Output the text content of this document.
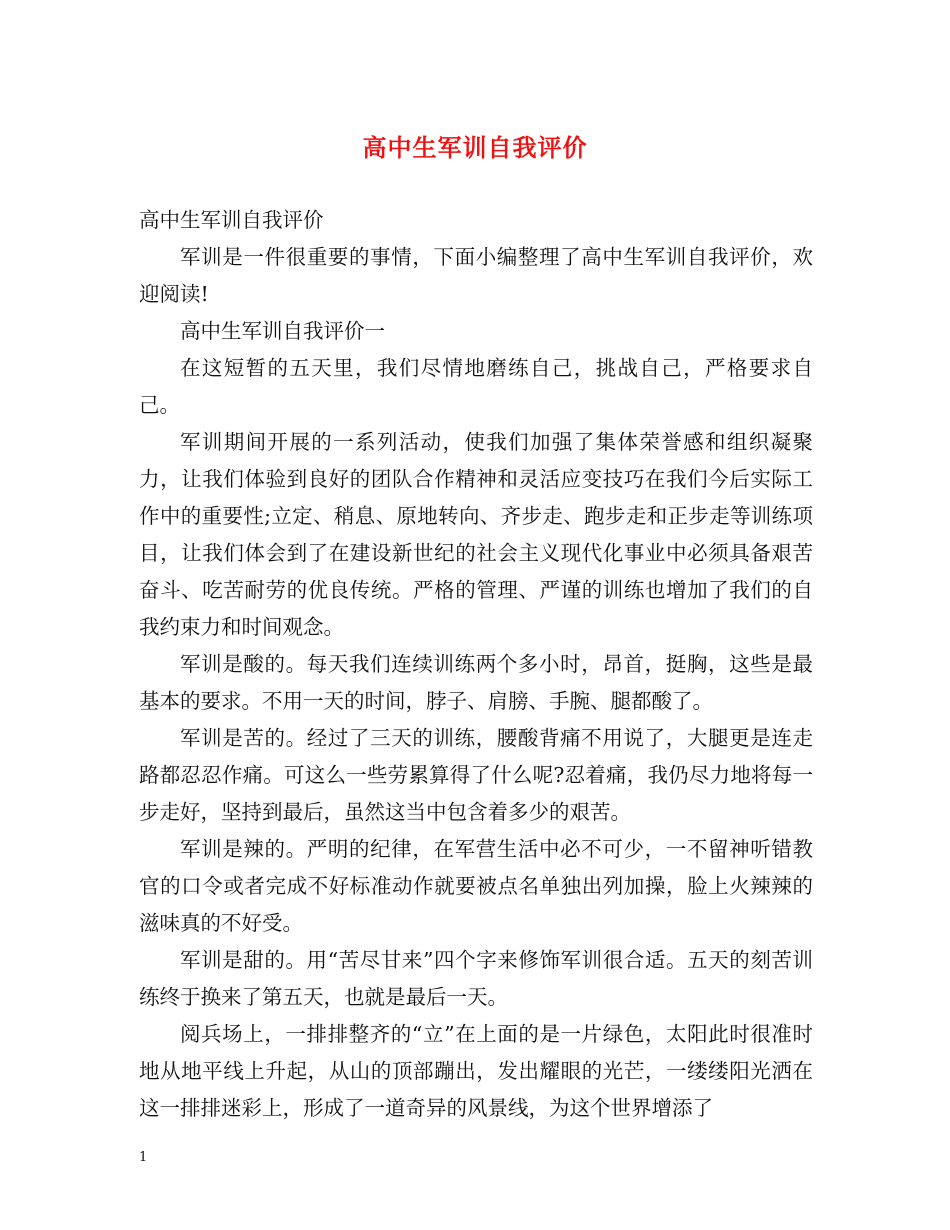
高中生军训自我评价

高中生军训自我评价

军训是一件很重要的事情，下面小编整理了高中生军训自我评价，欢迎阅读!

高中生军训自我评价一

在这短暂的五天里，我们尽情地磨练自己，挑战自己，严格要求自己。

军训期间开展的一系列活动，使我们加强了集体荣誉感和组织凝聚力，让我们体验到良好的团队合作精神和灵活应变技巧在我们今后实际工作中的重要性;立定、稍息、原地转向、齐步走、跑步走和正步走等训练项目，让我们体会到了在建设新世纪的社会主义现代化事业中必须具备艰苦奋斗、吃苦耐劳的优良传统。严格的管理、严谨的训练也增加了我们的自我约束力和时间观念。

军训是酸的。每天我们连续训练两个多小时，昂首，挺胸，这些是最基本的要求。不用一天的时间，脖子、肩膀、手腕、腿都酸了。

军训是苦的。经过了三天的训练，腰酸背痛不用说了，大腿更是连走路都忍忍作痛。可这么一些劳累算得了什么呢?忍着痛，我仍尽力地将每一步走好，坚持到最后，虽然这当中包含着多少的艰苦。

军训是辣的。严明的纪律，在军营生活中必不可少，一不留神听错教官的口令或者完成不好标准动作就要被点名单独出列加操，脸上火辣辣的滋味真的不好受。

军训是甜的。用“苦尽甘来”四个字来修饰军训很合适。五天的刻苦训练终于换来了第五天，也就是最后一天。

阅兵场上，一排排整齐的“立”在上面的是一片绿色，太阳此时很准时地从地平线上升起，从山的顶部蹦出，发出耀眼的光芒，一缕缕阳光洒在这一排排迷彩上，形成了一道奇异的风景线，为这个世界增添了

1
